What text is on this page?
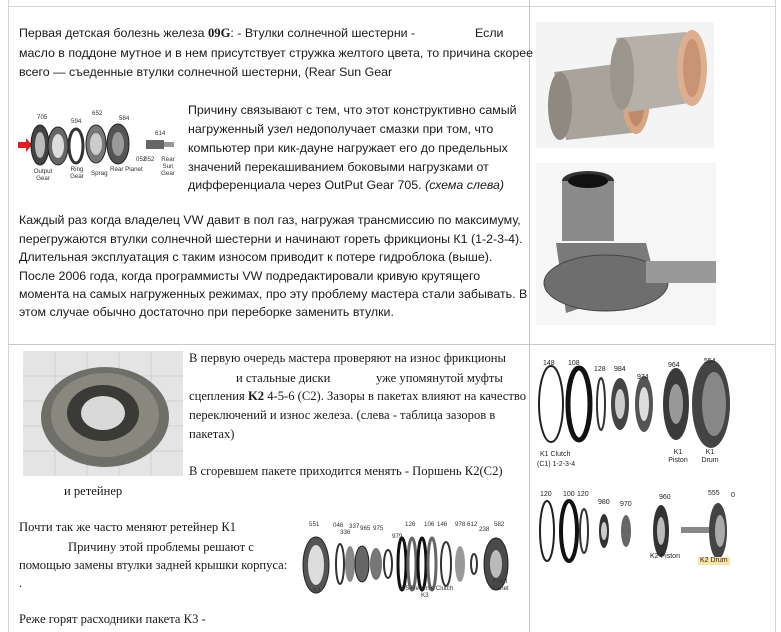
Первая детская болезнь железа 09G: - Втулки солнечной шестерни -	Если
масло в поддоне мутное и в нем присутствует стружка желтого цвета, то причина скорее
всего — съеденные втулки солнечной шестерни, (Rear Sun Gear
Причину связывают с тем, что этот конструктивно самый
нагруженный узел недополучает смазки при том, что
компьютер при кик-дауне нагружает его до предельных
значений перекашиванием боковыми нагрузками от
дифференциала через OutPut Gear 705. (схема слева)
Каждый раз когда владелец VW давит в пол газ, нагружая трансмиссию по максимуму,
перегружаются втулки солнечной шестерни и начинают гореть фрикционы К1 (1-2-3-4).
Длительная эксплуатация с таким износом приводит к потере гидроблока (выше).
После 2006 года, когда программисты VW подредактировали кривую крутящего
момента на самых нагруженных режимах, про эту проблему мастера стали забывать. В
этом случае обычно достаточно при переборке заменить втулки.
705
594
652
584
614
052
Output Gear
Ring Gear	Sprag
Rear Planet
Rear Sun Gear
052
В первую очередь мастера проверяют на износ фрикционы
и стальные диски	уже упомянутой муфты
сцепления K2 4-5-6 (C2). Зазоры в пакетах влияют на качество
переключений и износ железа. (слева - таблица зазоров в
пакетах)
В сгоревшем пакете приходится менять - Поршень К2(С2)
и ретейнер
Почти так же часто меняют ретейнер К1
Причину этой проблемы решают с
помощью замены втулки задней крышки корпуса:
.
Реже горят расходники пакета К3 -
551 046
336
337 965 975
979
126 106 146 978 612
238
582
K3	3-5-Reverse Clutch
K3
Front Planet
148 108
128 984
974
964
554
K1 Clutch
(C1) 1-2-3-4
K1 Piston
K1 Drum
120 100 120
980 970
960
555 0
K2 Piston
K2 Drum
